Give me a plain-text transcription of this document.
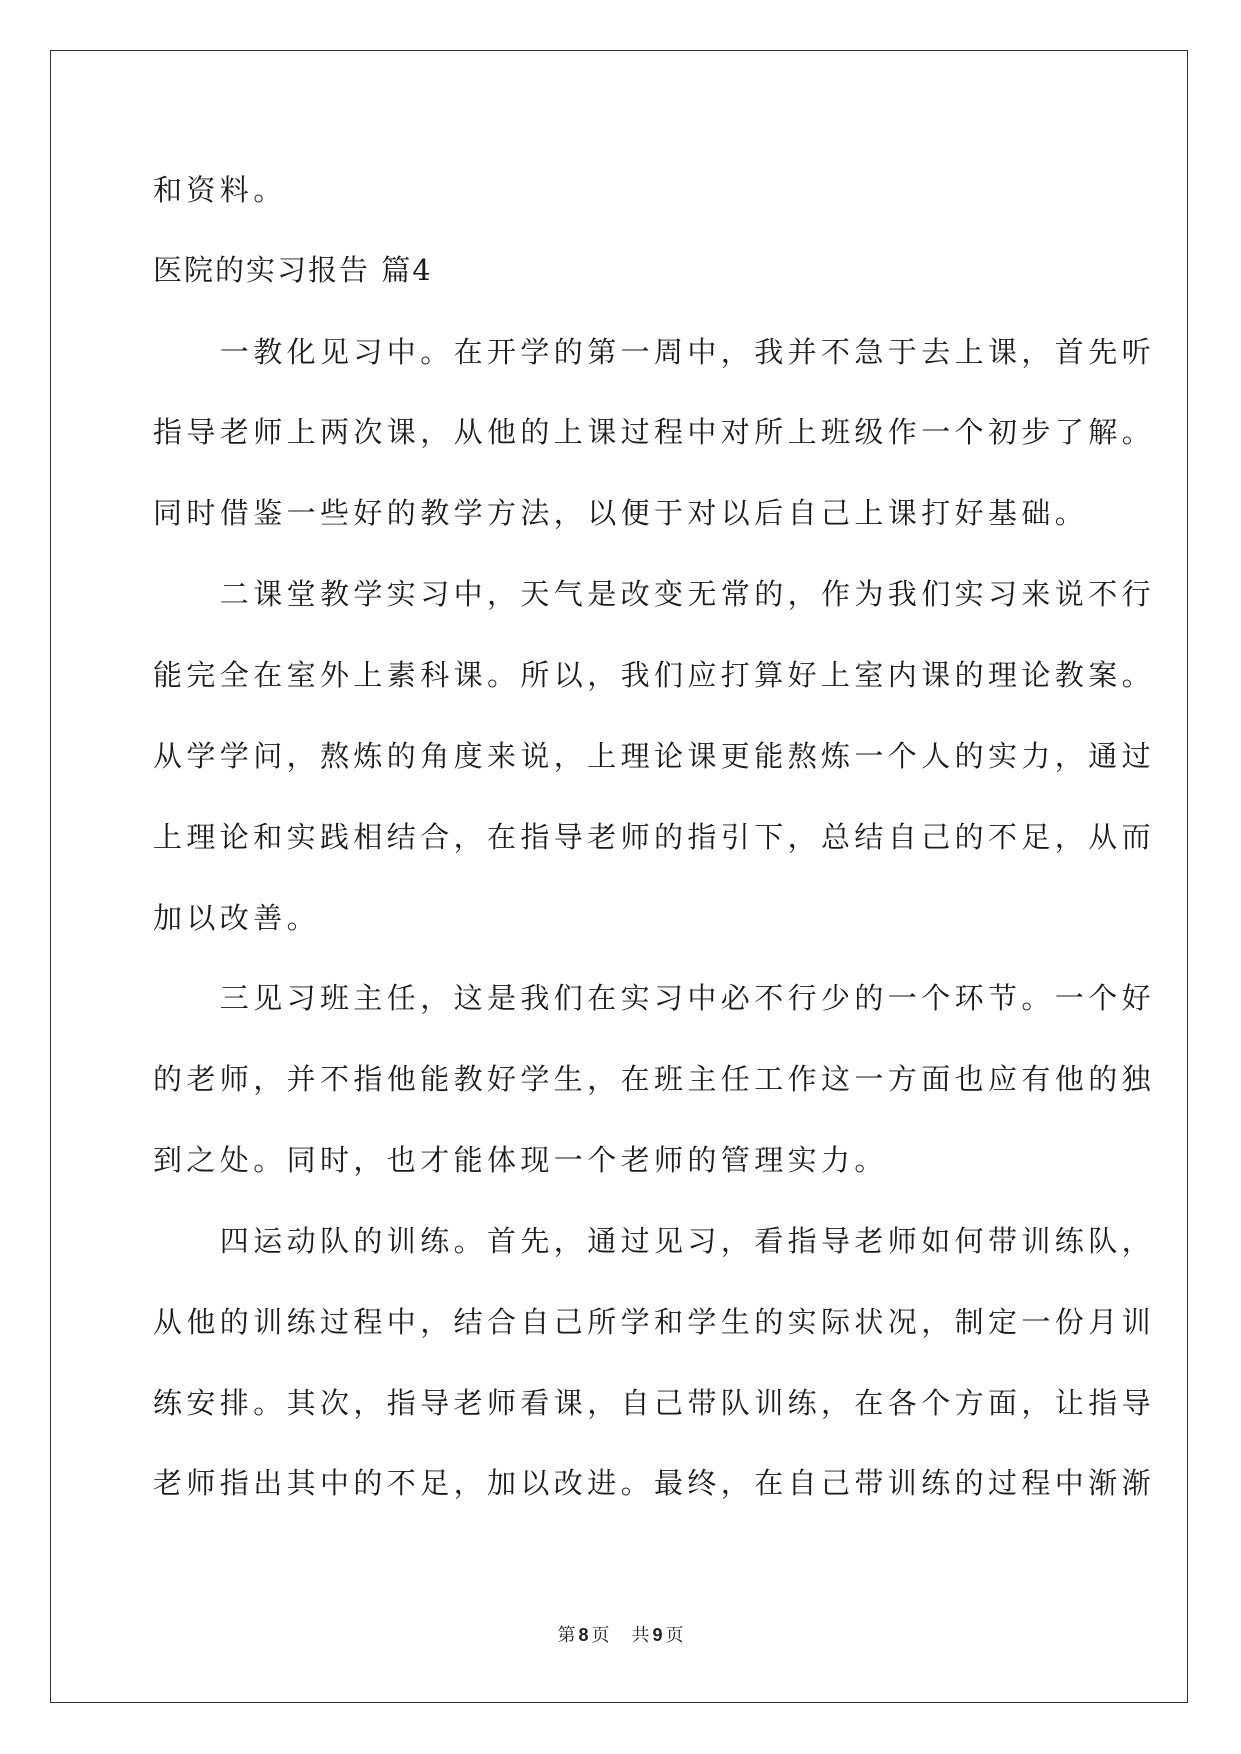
和资料。
医院的实习报告 篇4
　　一教化见习中。在开学的第一周中，我并不急于去上课，首先听
指导老师上两次课，从他的上课过程中对所上班级作一个初步了解。
同时借鉴一些好的教学方法，以便于对以后自己上课打好基础。
　　二课堂教学实习中，天气是改变无常的，作为我们实习来说不行
能完全在室外上素科课。所以，我们应打算好上室内课的理论教案。
从学学问，熬炼的角度来说，上理论课更能熬炼一个人的实力，通过
上理论和实践相结合，在指导老师的指引下，总结自己的不足，从而
加以改善。
　　三见习班主任，这是我们在实习中必不行少的一个环节。一个好
的老师，并不指他能教好学生，在班主任工作这一方面也应有他的独
到之处。同时，也才能体现一个老师的管理实力。
　　四运动队的训练。首先，通过见习，看指导老师如何带训练队，
从他的训练过程中，结合自己所学和学生的实际状况，制定一份月训
练安排。其次，指导老师看课，自己带队训练，在各个方面，让指导
老师指出其中的不足，加以改进。最终，在自己带训练的过程中渐渐
第 8 页 共 9 页
